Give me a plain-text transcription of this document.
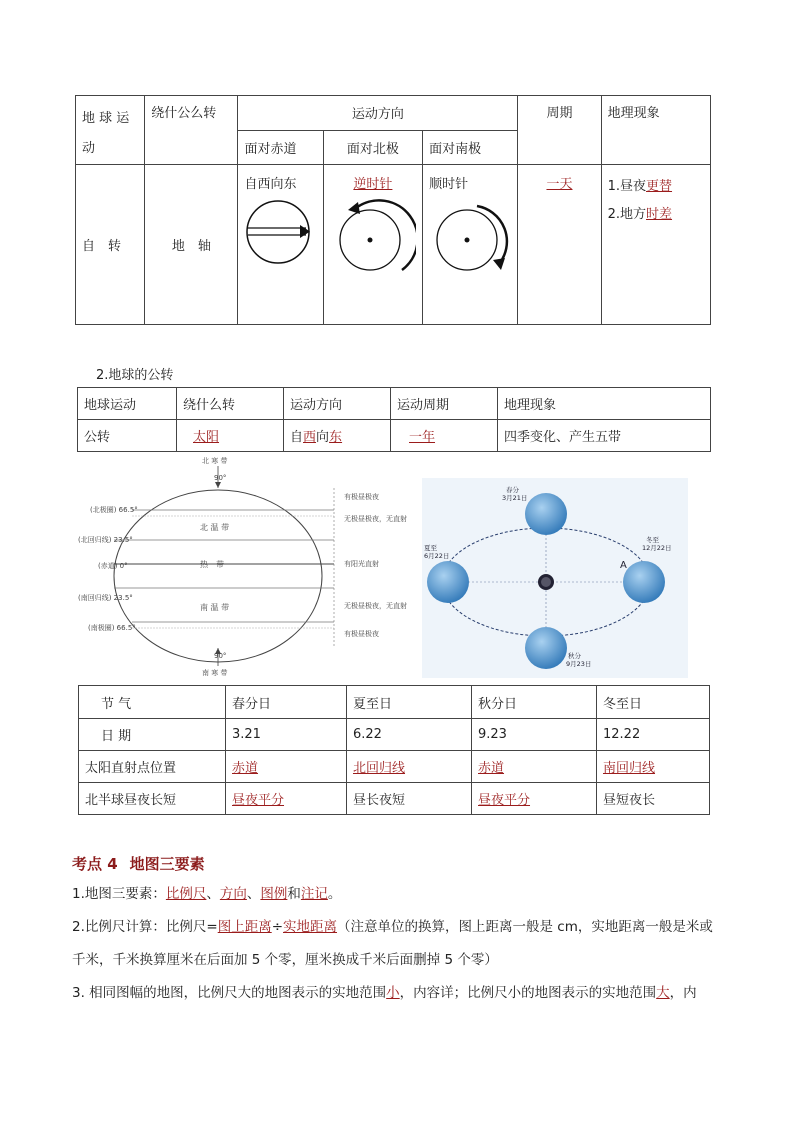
地 球 运
动	绕什公么转	运动方向			周期	地理现象
		面对赤道	面对北极	面对南极		
自　转	地　轴	自西向东	逆时针	顺时针	一天	1.昼夜更替
2.地方时差
2.地球的公转
地球运动	绕什么转	运动方向	运动周期	地理现象
公转	太阳	自西向东	一年	四季变化、产生五带
北 寒 带
90°
(北极圈) 66.5°
(北回归线) 23.5°
(赤道) 0°
(南回归线) 23.5°
(南极圈) 66.5°
北 温 带
热　带
南 温 带
90°
南 寒 带
有极昼极夜
无极昼极夜，无直射
有阳光直射
无极昼极夜，无直射
有极昼极夜
春分
3月21日
夏至
6月22日
冬至
12月22日
秋分
9月23日
A
节 气	春分日	夏至日	秋分日	冬至日
日 期	3.21	6.22	9.23	12.22
太阳直射点位置	赤道	北回归线	赤道	南回归线
北半球昼夜长短	昼夜平分	昼长夜短	昼夜平分	昼短夜长
考点 4 地图三要素
1.地图三要素：比例尺、方向、图例和注记。
2.比例尺计算：比例尺=图上距离÷实地距离（注意单位的换算，图上距离一般是 cm，实地距离一般是米或
千米，千米换算厘米在后面加 5 个零，厘米换成千米后面删掉 5 个零）
3. 相同图幅的地图，比例尺大的地图表示的实地范围小，内容详；比例尺小的地图表示的实地范围大，内
